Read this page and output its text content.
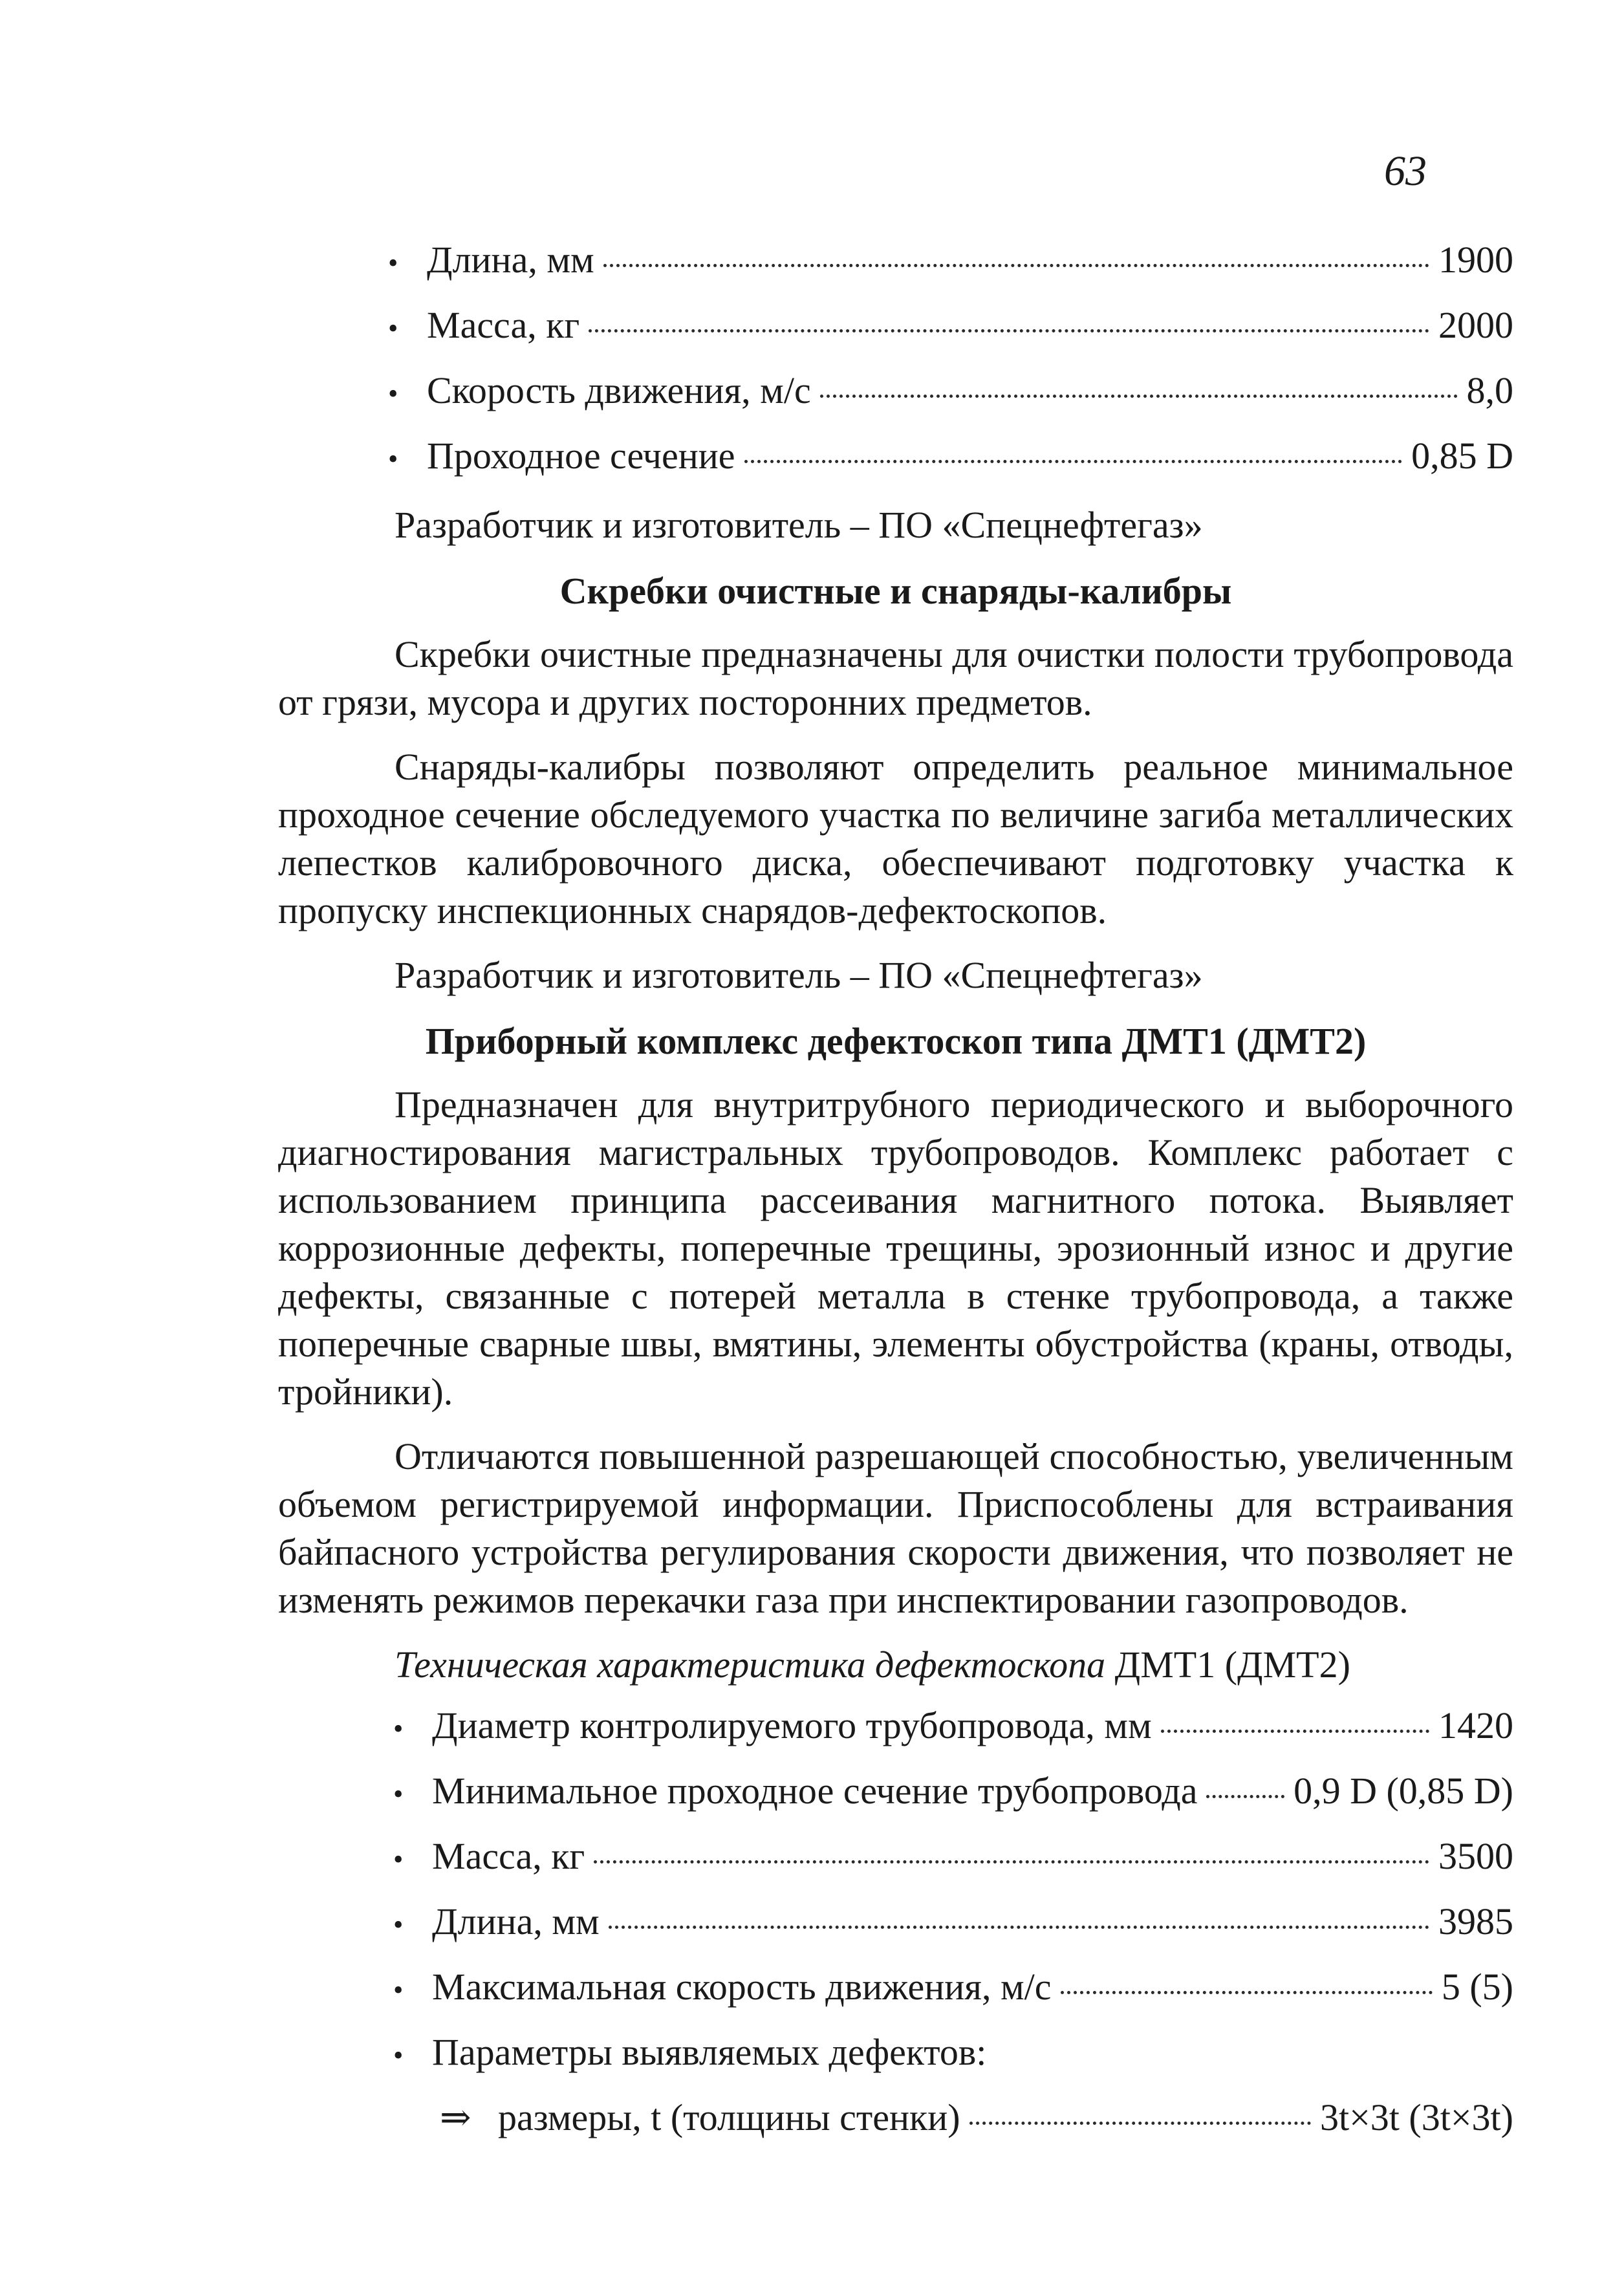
63
• Длина, мм	1900
• Масса, кг	2000
• Скорость движения, м/с	8,0
• Проходное сечение	0,85 D

Разработчик и изготовитель – ПО «Спецнефтегаз»

Скребки очистные и снаряды-калибры

Скребки очистные предназначены для очистки полости трубопровода от грязи, мусора и других посторонних предметов.

Снаряды-калибры позволяют определить реальное минимальное проходное сечение обследуемого участка по величине загиба металлических лепестков калибровочного диска, обеспечивают подготовку участка к пропуску инспекционных снарядов-дефектоскопов.

Разработчик и изготовитель – ПО «Спецнефтегаз»

Приборный комплекс дефектоскоп типа ДМТ1 (ДМТ2)

Предназначен для внутритрубного периодического и выборочного диагностирования магистральных трубопроводов. Комплекс работает с использованием принципа рассеивания магнитного потока. Выявляет коррозионные дефекты, поперечные трещины, эрозионный износ и другие дефекты, связанные с потерей металла в стенке трубопровода, а также поперечные сварные швы, вмятины, элементы обустройства (краны, отводы, тройники).

Отличаются повышенной разрешающей способностью, увеличенным объемом регистрируемой информации. Приспособлены для встраивания байпасного устройства регулирования скорости движения, что позволяет не изменять режимов перекачки газа при инспектировании газопроводов.

Техническая характеристика дефектоскопа ДМТ1 (ДМТ2)

• Диаметр контролируемого трубопровода, мм	1420
• Минимальное проходное сечение трубопровода	0,9 D (0,85 D)
• Масса, кг	3500
• Длина, мм	3985
• Максимальная скорость движения, м/с	5 (5)
• Параметры выявляемых дефектов:
⇒ размеры, t (толщины стенки)	3t×3t (3t×3t)
